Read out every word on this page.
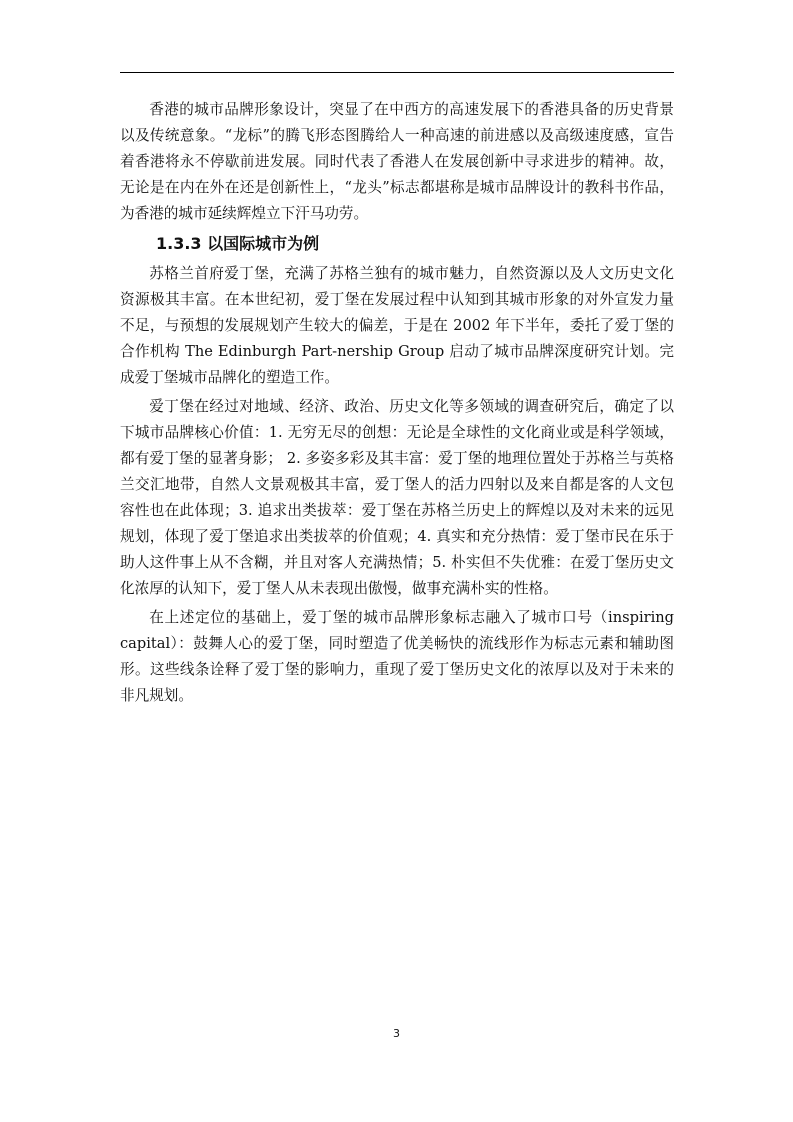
香港的城市品牌形象设计，突显了在中西方的高速发展下的香港具备的历史背景以及传统意象。“龙标”的腾飞形态图腾给人一种高速的前进感以及高级速度感，宣告着香港将永不停歇前进发展。同时代表了香港人在发展创新中寻求进步的精神。故，无论是在内在外在还是创新性上，“龙头”标志都堪称是城市品牌设计的教科书作品，为香港的城市延续辉煌立下汗马功劳。

1.3.3 以国际城市为例

苏格兰首府爱丁堡，充满了苏格兰独有的城市魅力，自然资源以及人文历史文化资源极其丰富。在本世纪初，爱丁堡在发展过程中认知到其城市形象的对外宣发力量不足，与预想的发展规划产生较大的偏差，于是在 2002 年下半年，委托了爱丁堡的合作机构 The Edinburgh Part-nership Group 启动了城市品牌深度研究计划。完成爱丁堡城市品牌化的塑造工作。

爱丁堡在经过对地域、经济、政治、历史文化等多领域的调查研究后，确定了以下城市品牌核心价值：1. 无穷无尽的创想：无论是全球性的文化商业或是科学领域，都有爱丁堡的显著身影； 2. 多姿多彩及其丰富：爱丁堡的地理位置处于苏格兰与英格兰交汇地带，自然人文景观极其丰富，爱丁堡人的活力四射以及来自都是客的人文包容性也在此体现；3. 追求出类拔萃：爱丁堡在苏格兰历史上的辉煌以及对未来的远见规划，体现了爱丁堡追求出类拔萃的价值观；4. 真实和充分热情：爱丁堡市民在乐于助人这件事上从不含糊，并且对客人充满热情；5. 朴实但不失优雅：在爱丁堡历史文化浓厚的认知下，爱丁堡人从未表现出傲慢，做事充满朴实的性格。

在上述定位的基础上，爱丁堡的城市品牌形象标志融入了城市口号（inspiring capital）：鼓舞人心的爱丁堡，同时塑造了优美畅快的流线形作为标志元素和辅助图形。这些线条诠释了爱丁堡的影响力，重现了爱丁堡历史文化的浓厚以及对于未来的非凡规划。

3
